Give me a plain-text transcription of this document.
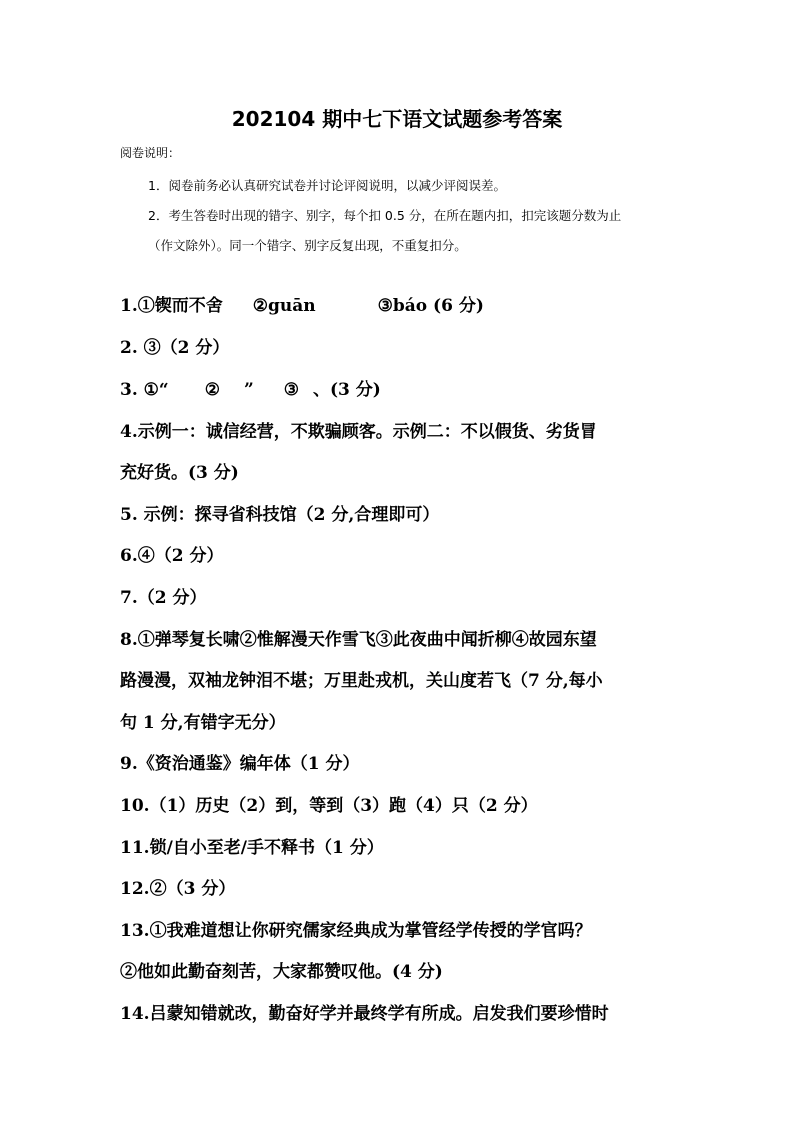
202104 期中七下语文试题参考答案
阅卷说明：
1．阅卷前务必认真研究试卷并讨论评阅说明，以减少评阅误差。
2．考生答卷时出现的错字、别字，每个扣 0.5 分，在所在题内扣，扣完该题分数为止
（作文除外）。同一个错字、别字反复出现，不重复扣分。
1.①锲而不舍 ②guān	③báo (6 分)
2. ③（2 分）
3. ①“ ② ” ③ 、(3 分)
4.示例一：诚信经营，不欺骗顾客。示例二：不以假货、劣货冒
充好货。(3 分)
5. 示例：探寻省科技馆（2 分,合理即可）
6.④（2 分）
7.（2 分）
8.①弹琴复长啸②惟解漫天作雪飞③此夜曲中闻折柳④故园东望
路漫漫，双袖龙钟泪不堪；万里赴戎机，关山度若飞（7 分,每小
句 1 分,有错字无分）
9.《资治通鉴》编年体（1 分）
10.（1）历史（2）到，等到（3）跑（4）只（2 分）
11.锁/自小至老/手不释书（1 分）
12.②（3 分）
13.①我难道想让你研究儒家经典成为掌管经学传授的学官吗？
②他如此勤奋刻苦，大家都赞叹他。(4 分)
14.吕蒙知错就改，勤奋好学并最终学有所成。启发我们要珍惜时
